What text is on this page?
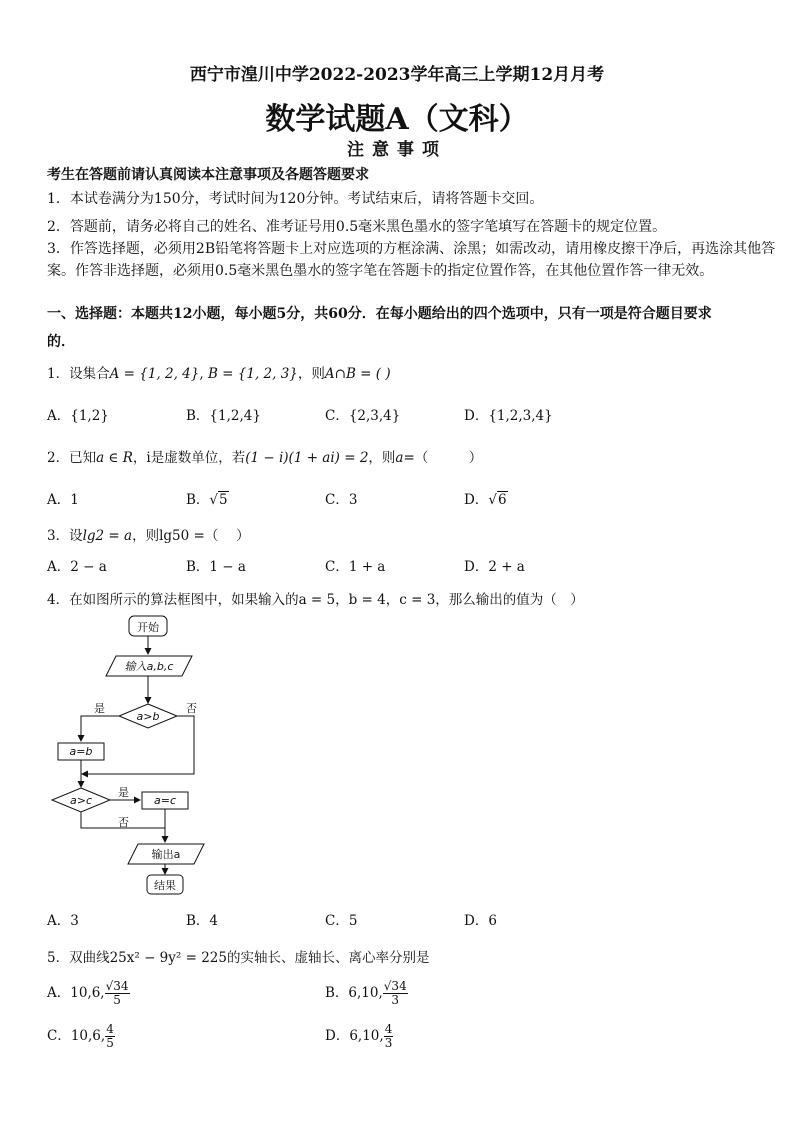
西宁市湟川中学2022-2023学年高三上学期12月月考
数学试题A（文科）
注意事项
考生在答题前请认真阅读本注意事项及各题答题要求
1．本试卷满分为150分，考试时间为120分钟。考试结束后，请将答题卡交回。
2．答题前，请务必将自己的姓名、准考证号用0.5毫米黑色墨水的签字笔填写在答题卡的规定位置。
3．作答选择题，必须用2B铅笔将答题卡上对应选项的方框涂满、涂黑；如需改动，请用橡皮擦干净后，再选涂其他答案。作答非选择题，必须用0.5毫米黑色墨水的签字笔在答题卡的指定位置作答，在其他位置作答一律无效。
一、选择题：本题共12小题，每小题5分，共60分．在每小题给出的四个选项中，只有一项是符合题目要求
的．
1．设集合A = {1, 2, 4}, B = {1, 2, 3}，则A∩B = ( )
A．{1,2}	B．{1,2,4}	C．{2,3,4}	D．{1,2,3,4}
2．已知a ∈ R，i是虚数单位，若(1 − i)(1 + ai) = 2，则a=（　　　）
A．1	B．√5	C．3	D．√6
3．设lg2 = a，则lg50 =（　 ）
A．2 − a	B．1 − a	C．1 + a	D．2 + a
4．在如图所示的算法框图中，如果输入的a = 5，b = 4，c = 3，那么输出的值为（　）
开始
输入a,b,c
a>b
是	否
a=b
a>c
是
否
a=c
输出a
结果
A．3	B．4	C．5	D．6
5．双曲线25x² − 9y² = 225的实轴长、虚轴长、离心率分别是
A．10,6, $\frac{√34}{5}$	B．6,10, $\frac{√34}{3}$
C．10,6, $\frac{4}{5}$	D．6,10, $\frac{4}{3}$
